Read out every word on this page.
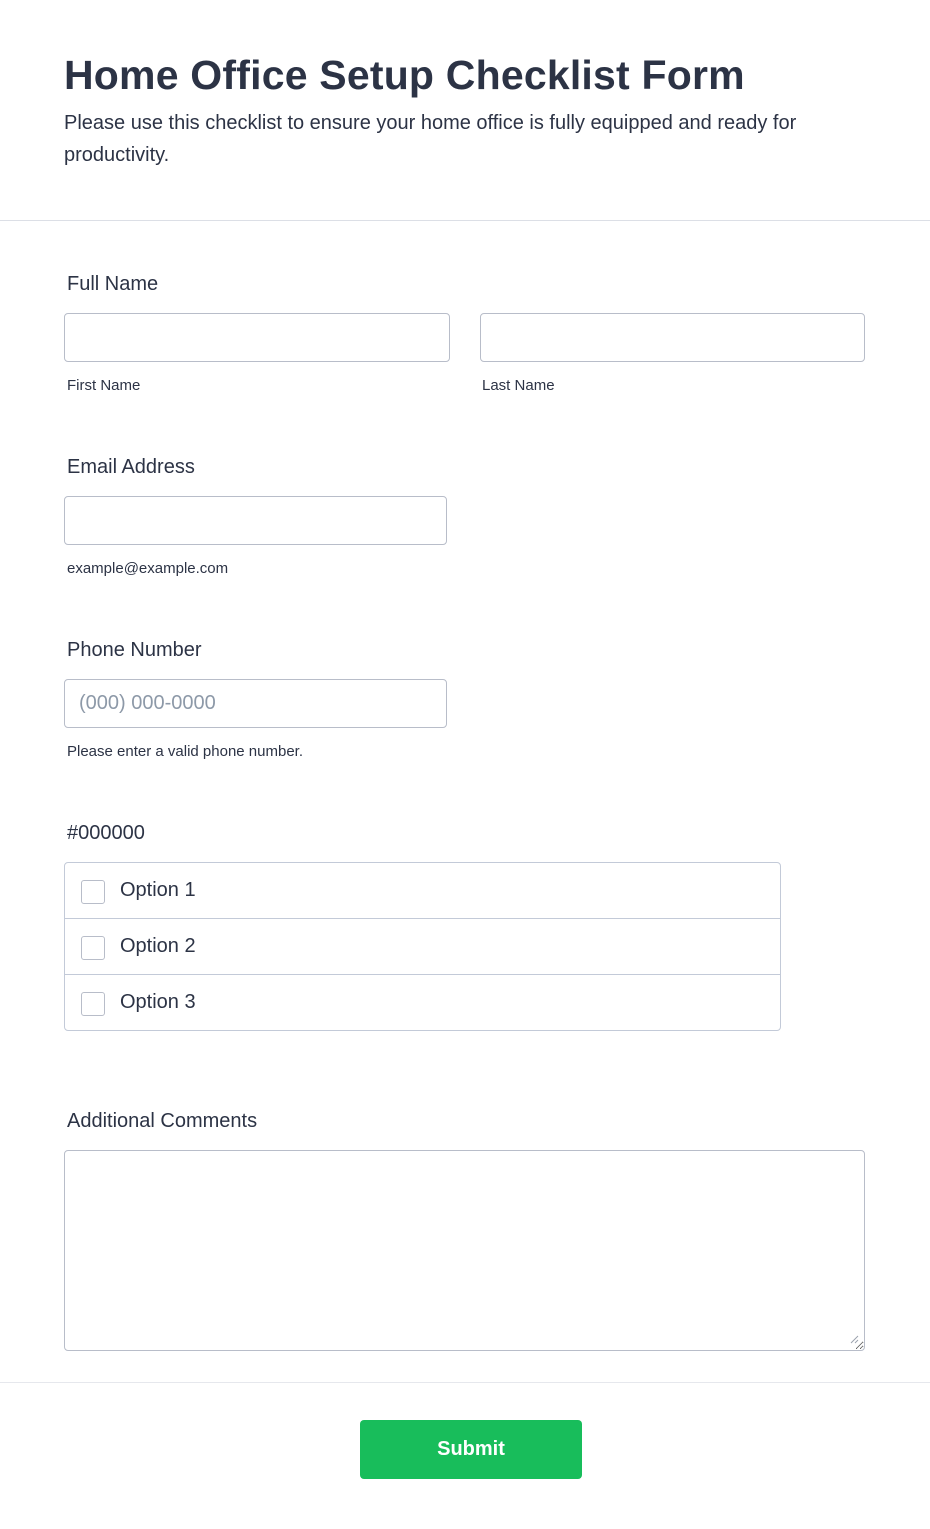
Home Office Setup Checklist Form

Please use this checklist to ensure your home office is fully equipped and ready for productivity.

Full Name
First Name	Last Name
Email Address
example@example.com
Phone Number
(000) 000-0000
Please enter a valid phone number.
#000000
Option 1
Option 2
Option 3
Additional Comments
Submit
